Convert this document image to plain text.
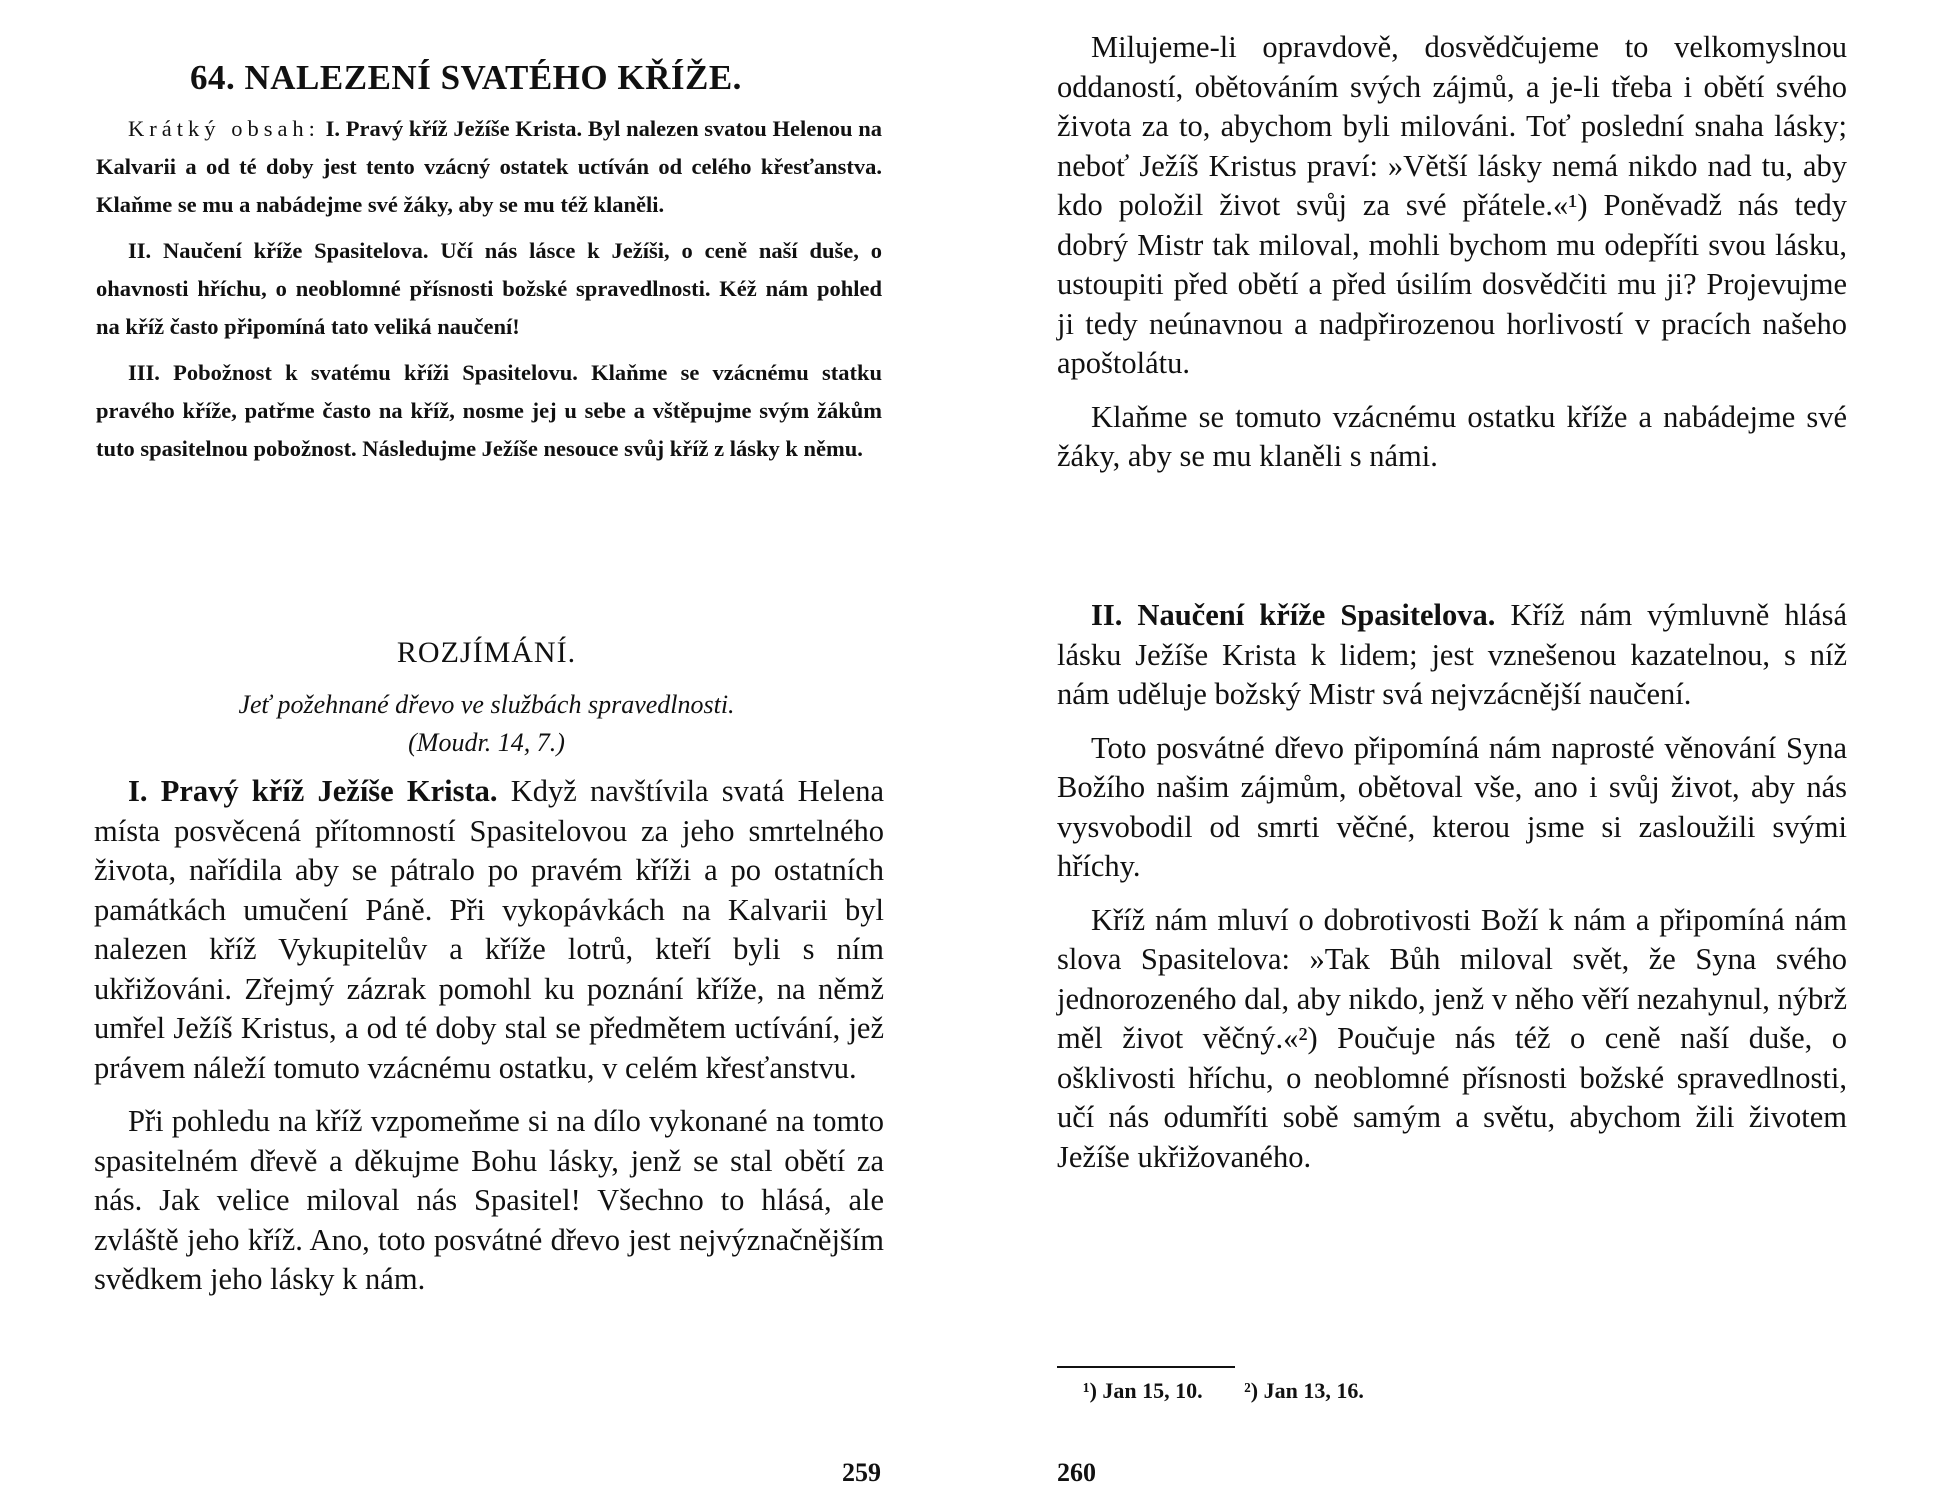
64. NALEZENÍ SVATÉHO KŘÍŽE.

Krátký obsah: I. Pravý kříž Ježíše Krista. Byl nalezen svatou Helenou na Kalvarii a od té doby jest tento vzácný ostatek uctíván od celého křesťanstva. Klaňme se mu a nabádejme své žáky, aby se mu též klaněli.

II. Naučení kříže Spasitelova. Učí nás lásce k Ježíši, o ceně naší duše, o ohavnosti hříchu, o neoblomné přísnosti božské spravedlnosti. Kéž nám pohled na kříž často připomíná tato veliká naučení!

III. Pobožnost k svatému kříži Spasitelovu. Klaňme se vzácnému statku pravého kříže, patřme často na kříž, nosme jej u sebe a vštěpujme svým žákům tuto spasitelnou pobožnost. Následujme Ježíše nesouce svůj kříž z lásky k němu.

ROZJÍMÁNÍ.
Jeť požehnané dřevo ve službách spravedlnosti.
(Moudr. 14, 7.)

I. Pravý kříž Ježíše Krista. Když navštívila svatá Helena místa posvěcená přítomností Spasitelovou za jeho smrtelného života, nařídila aby se pátralo po pravém kříži a po ostatních památkách umučení Páně. Při vykopávkách na Kalvarii byl nalezen kříž Vykupitelův a kříže lotrů, kteří byli s ním ukřižováni. Zřejmý zázrak pomohl ku poznání kříže, na němž umřel Ježíš Kristus, a od té doby stal se předmětem uctívání, jež právem náleží tomuto vzácnému ostatku, v celém křesťanstvu.

Při pohledu na kříž vzpomeňme si na dílo vykonané na tomto spasitelném dřevě a děkujme Bohu lásky, jenž se stal obětí za nás. Jak velice miloval nás Spasitel! Všechno to hlásá, ale zvláště jeho kříž. Ano, toto posvátné dřevo jest nejvýznačnějším svědkem jeho lásky k nám.

259

Milujeme-li opravdově, dosvědčujeme to velkomyslnou oddaností, obětováním svých zájmů, a je-li třeba i obětí svého života za to, abychom byli milováni. Toť poslední snaha lásky; neboť Ježíš Kristus praví: »Větší lásky nemá nikdo nad tu, aby kdo položil život svůj za své přátele.«¹) Poněvadž nás tedy dobrý Mistr tak miloval, mohli bychom mu odepříti svou lásku, ustoupiti před obětí a před úsilím dosvědčiti mu ji? Projevujme ji tedy neúnavnou a nadpřirozenou horlivostí v pracích našeho apoštolátu.

Klaňme se tomuto vzácnému ostatku kříže a nabádejme své žáky, aby se mu klaněli s námi.

II. Naučení kříže Spasitelova. Kříž nám výmluvně hlásá lásku Ježíše Krista k lidem; jest vznešenou kazatelnou, s níž nám uděluje božský Mistr svá nejvzácnější naučení.

Toto posvátné dřevo připomíná nám naprosté věnování Syna Božího našim zájmům, obětoval vše, ano i svůj život, aby nás vysvobodil od smrti věčné, kterou jsme si zasloužili svými hříchy.

Kříž nám mluví o dobrotivosti Boží k nám a připomíná nám slova Spasitelova: »Tak Bůh miloval svět, že Syna svého jednorozeného dal, aby nikdo, jenž v něho věří nezahynul, nýbrž měl život věčný.«²) Poučuje nás též o ceně naší duše, o ošklivosti hříchu, o neoblomné přísnosti božské spravedlnosti, učí nás odumříti sobě samým a světu, abychom žili životem Ježíše ukřižovaného.

¹) Jan 15, 10. ²) Jan 13, 16.
260
